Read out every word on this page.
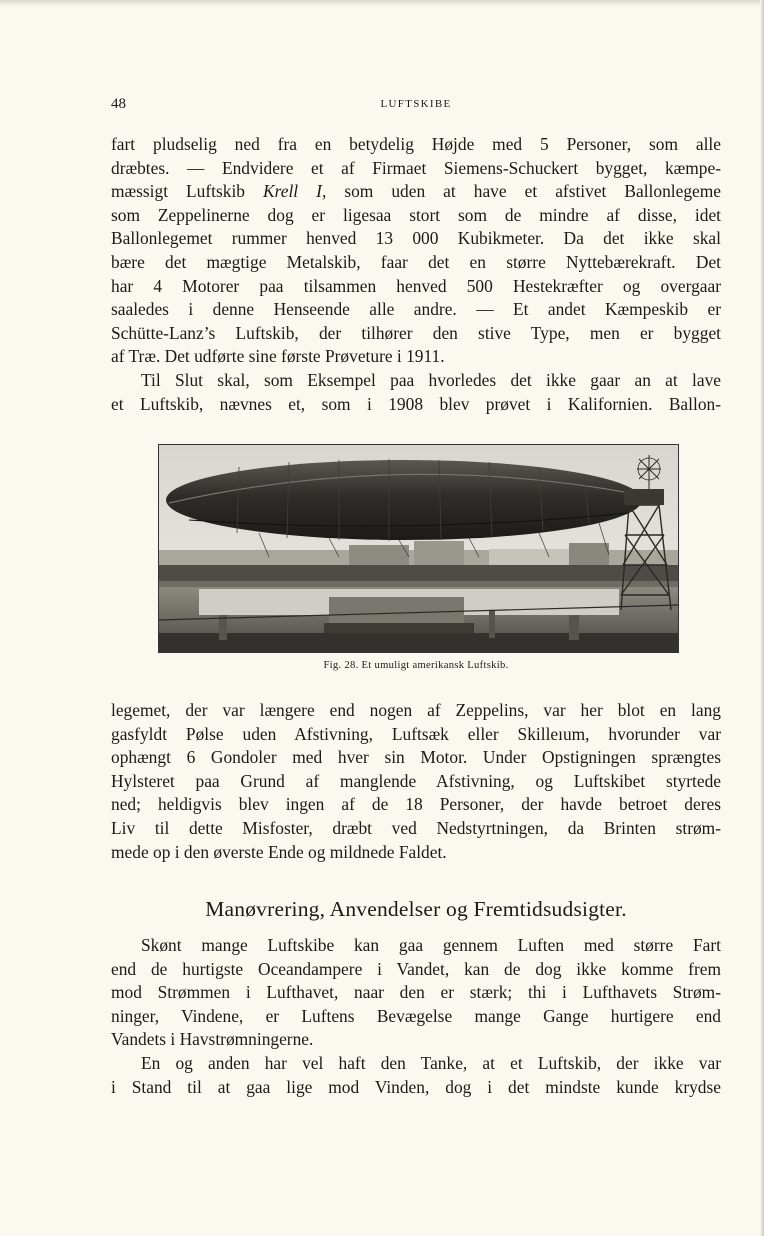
48	LUFTSKIBE

fart pludselig ned fra en betydelig Højde med 5 Personer, som alle
dræbtes. — Endvidere et af Firmaet Siemens-Schuckert bygget, kæmpe-
mæssigt Luftskib Krell I, som uden at have et afstivet Ballonlegeme
som Zeppelinerne dog er ligesaa stort som de mindre af disse, idet
Ballonlegemet rummer henved 13 000 Kubikmeter. Da det ikke skal
bære det mægtige Metalskib, faar det en større Nyttebærekraft. Det
har 4 Motorer paa tilsammen henved 500 Hestekræfter og overgaar
saaledes i denne Henseende alle andre. — Et andet Kæmpeskib er
Schütte-Lanz’s Luftskib, der tilhører den stive Type, men er bygget
af Træ. Det udførte sine første Prøveture i 1911.

Til Slut skal, som Eksempel paa hvorledes det ikke gaar an at lave
et Luftskib, nævnes et, som i 1908 blev prøvet i Kalifornien. Ballon-

Fig. 28. Et umuligt amerikansk Luftskib.

legemet, der var længere end nogen af Zeppelins, var her blot en lang
gasfyldt Pølse uden Afstivning, Luftsæk eller Skilleıum, hvorunder var
ophængt 6 Gondoler med hver sin Motor. Under Opstigningen sprængtes
Hylsteret paa Grund af manglende Afstivning, og Luftskibet styrtede
ned; heldigvis blev ingen af de 18 Personer, der havde betroet deres
Liv til dette Misfoster, dræbt ved Nedstyrtningen, da Brinten strøm-
mede op i den øverste Ende og mildnede Faldet.

Manøvrering, Anvendelser og Fremtidsudsigter.

Skønt mange Luftskibe kan gaa gennem Luften med større Fart
end de hurtigste Oceandampere i Vandet, kan de dog ikke komme frem
mod Strømmen i Lufthavet, naar den er stærk; thi i Lufthavets Strøm-
ninger, Vindene, er Luftens Bevægelse mange Gange hurtigere end
Vandets i Havstrømningerne.

En og anden har vel haft den Tanke, at et Luftskib, der ikke var
i Stand til at gaa lige mod Vinden, dog i det mindste kunde krydse
